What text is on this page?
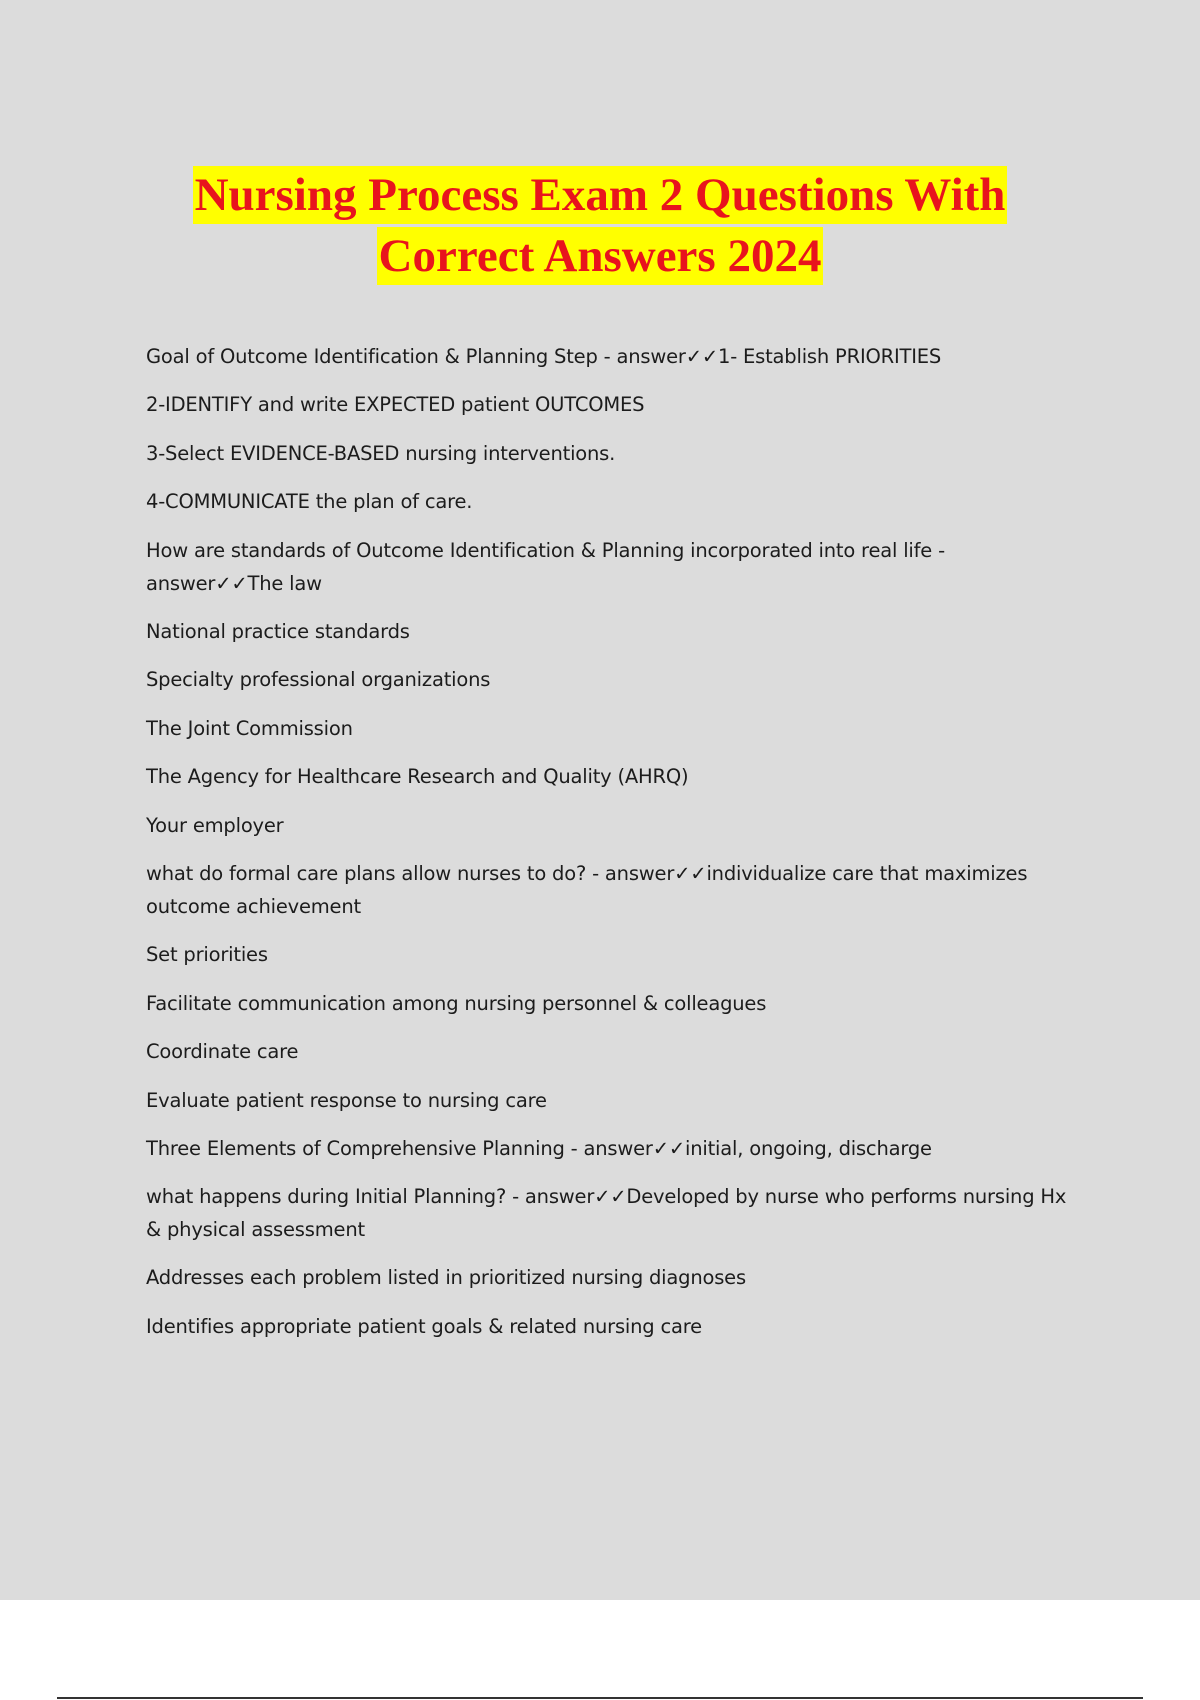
Nursing Process Exam 2 Questions With
Correct Answers 2024

Goal of Outcome Identification & Planning Step - answer✓✓1- Establish PRIORITIES

2-IDENTIFY and write EXPECTED patient OUTCOMES

3-Select EVIDENCE-BASED nursing interventions.

4-COMMUNICATE the plan of care.

How are standards of Outcome Identification & Planning incorporated into real life - answer✓✓The law

National practice standards

Specialty professional organizations

The Joint Commission

The Agency for Healthcare Research and Quality (AHRQ)

Your employer

what do formal care plans allow nurses to do? - answer✓✓individualize care that maximizes outcome achievement

Set priorities

Facilitate communication among nursing personnel & colleagues

Coordinate care

Evaluate patient response to nursing care

Three Elements of Comprehensive Planning - answer✓✓initial, ongoing, discharge

what happens during Initial Planning? - answer✓✓Developed by nurse who performs nursing Hx & physical assessment

Addresses each problem listed in prioritized nursing diagnoses

Identifies appropriate patient goals & related nursing care
